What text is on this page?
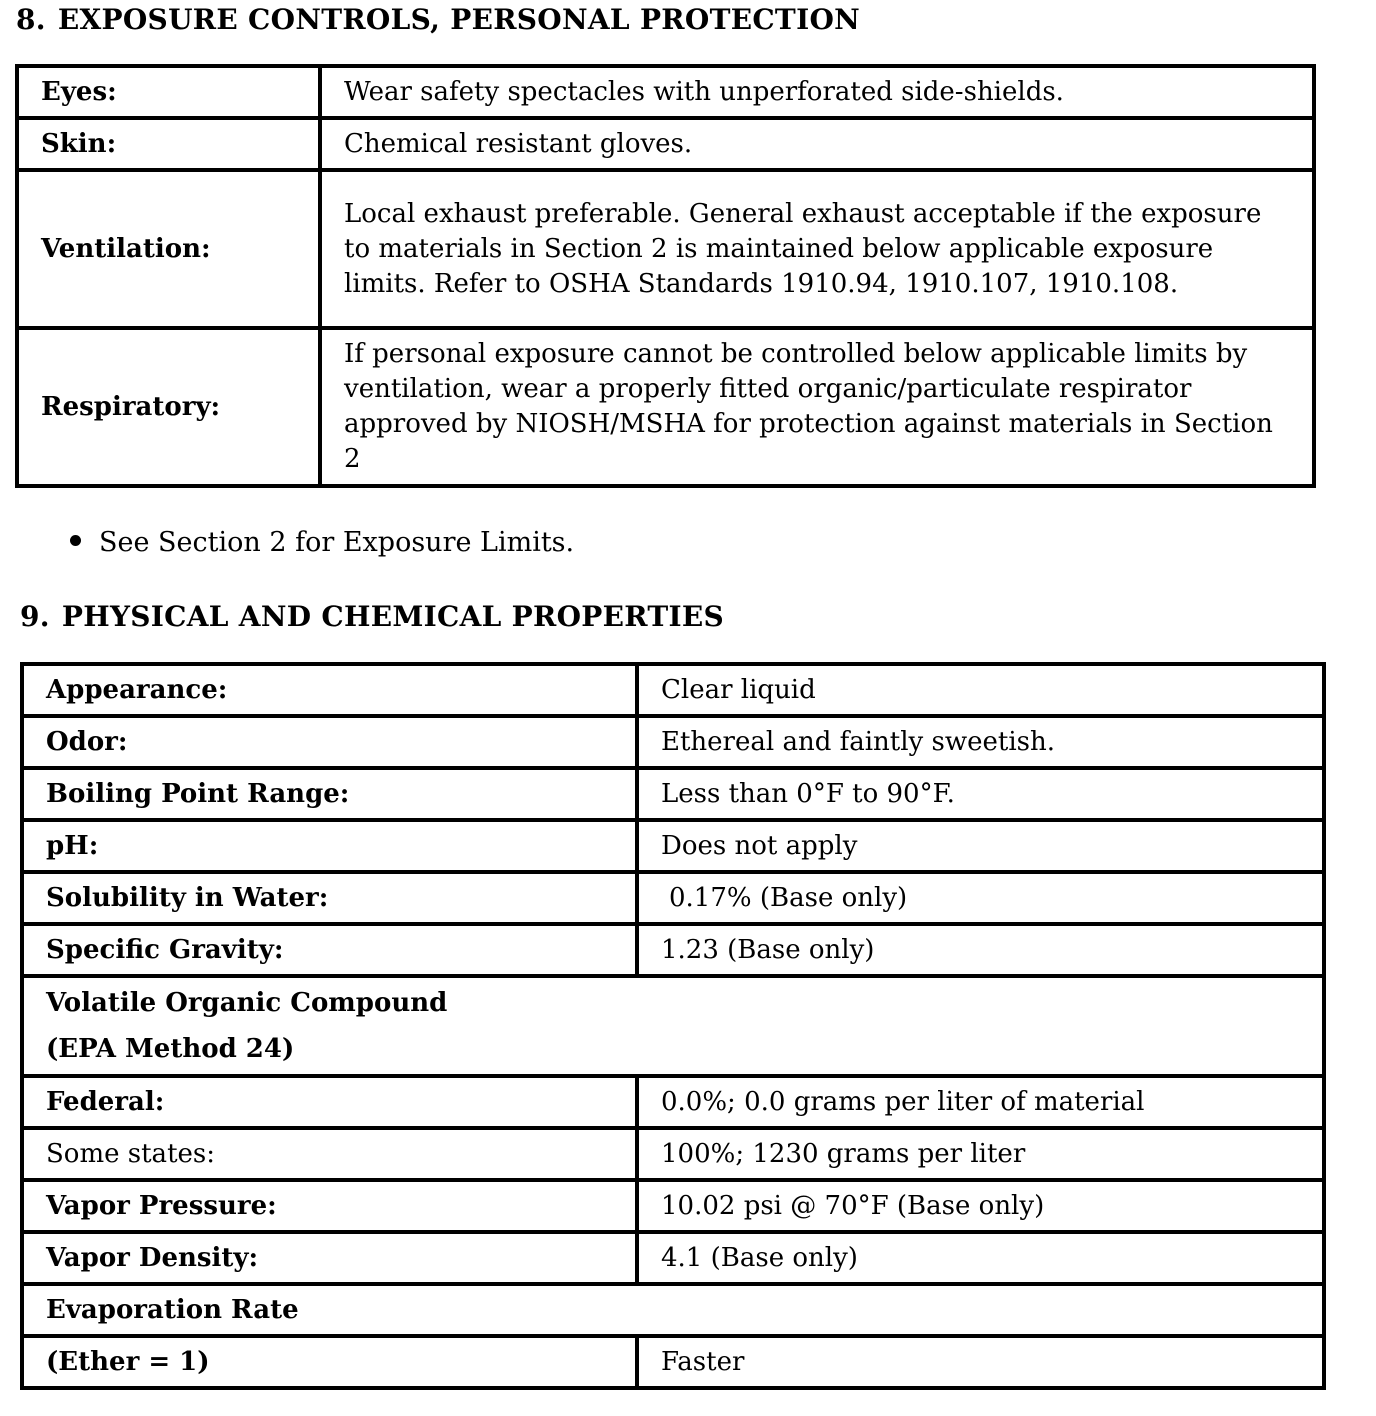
8. EXPOSURE CONTROLS, PERSONAL PROTECTION
Eyes:	Wear safety spectacles with unperforated side-shields.
Skin:	Chemical resistant gloves.
Ventilation:	Local exhaust preferable. General exhaust acceptable if the exposure to materials in Section 2 is maintained below applicable exposure limits. Refer to OSHA Standards 1910.94, 1910.107, 1910.108.
Respiratory:	If personal exposure cannot be controlled below applicable limits by ventilation, wear a properly fitted organic/particulate respirator approved by NIOSH/MSHA for protection against materials in Section 2
See Section 2 for Exposure Limits.
9. PHYSICAL AND CHEMICAL PROPERTIES
Appearance:	Clear liquid
Odor:	Ethereal and faintly sweetish.
Boiling Point Range:	Less than 0°F to 90°F.
pH:	Does not apply
Solubility in Water:	0.17% (Base only)
Specific Gravity:	1.23 (Base only)

Volatile Organic Compound
(EPA Method 24)	

Federal:	0.0%; 0.0 grams per liter of material
Some states:	100%; 1230 grams per liter
Vapor Pressure:	10.02 psi @ 70°F (Base only)
Vapor Density:	4.1 (Base only)
Evaporation Rate	
(Ether = 1)	Faster
